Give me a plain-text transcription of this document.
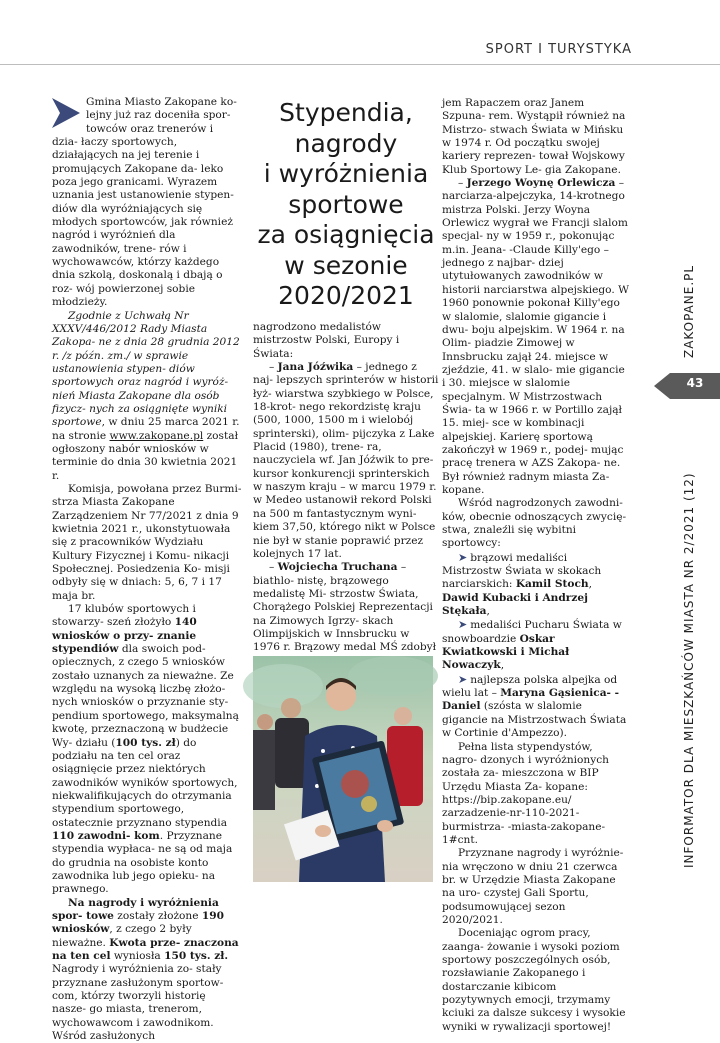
SPORT I TURYSTYKA

Gmina Miasto Zakopane ko- lejny już raz doceniła spor- towców oraz trenerów i dzia- łaczy sportowych, działających na jej terenie i promujących Zakopane da- leko poza jego granicami. Wyrazem uznania jest ustanowienie stypen- diów dla wyróżniających się młodych sportowców, jak również nagród i wyróżnień dla zawodników, trene- rów i wychowawców, którzy każdego dnia szkolą, doskonalą i dbają o roz- wój powierzonej sobie młodzieży.

Zgodnie z Uchwałą Nr XXXV/446/2012 Rady Miasta Zakopa- ne z dnia 28 grudnia 2012 r. /z późn. zm./ w sprawie ustanowienia stypen- diów sportowych oraz nagród i wyróż- nień Miasta Zakopane dla osób fizycz- nych za osiągnięte wyniki sportowe, w dniu 25 marca 2021 r. na stronie www.zakopane.pl został ogłoszony nabór wniosków w terminie do dnia 30 kwietnia 2021 r.

Komisja, powołana przez Burmi- strza Miasta Zakopane Zarządzeniem Nr 77/2021 z dnia 9 kwietnia 2021 r., ukonstytuowała się z pracowników Wydziału Kultury Fizycznej i Komu- nikacji Społecznej. Posiedzenia Ko- misji odbyły się w dniach: 5, 6, 7 i 17 maja br.

17 klubów sportowych i stowarzy- szeń złożyło 140 wniosków o przy- znanie stypendiów dla swoich pod- opiecznych, z czego 5 wniosków zostało uznanych za nieważne. Ze względu na wysoką liczbę złożo- nych wniosków o przyznanie sty- pendium sportowego, maksymalną kwotę, przeznaczoną w budżecie Wy- działu (100 tys. zł) do podziału na ten cel oraz osiągnięcie przez niektórych zawodników wyników sportowych, niekwalifikujących do otrzymania stypendium sportowego, ostatecznie przyznano stypendia 110 zawodni- kom. Przyznane stypendia wypłaca- ne są od maja do grudnia na osobiste konto zawodnika lub jego opieku- na prawnego.

Na nagrody i wyróżnienia spor- towe zostały złożone 190 wniosków, z czego 2 były nieważne. Kwota prze- znaczona na ten cel wyniosła 150 tys. zł. Nagrody i wyróżnienia zo- stały przyznane zasłużonym sportow- com, którzy tworzyli historię nasze- go miasta, trenerom, wychowawcom i zawodnikom. Wśród zasłużonych

Stypendia,
nagrody
i wyróżnienia
sportowe
za osiągnięcia
w sezonie
2020/2021

nagrodzono medalistów mistrzostw Polski, Europy i Świata:

– Jana Jóźwika – jednego z naj- lepszych sprinterów w historii łyż- wiarstwa szybkiego w Polsce, 18-krot- nego rekordzistę kraju (500, 1000, 1500 m i wielobój sprinterski), olim- pijczyka z Lake Placid (1980), trene- ra, nauczyciela wf. Jan Jóźwik to pre- kursor konkurencji sprinterskich w naszym kraju – w marcu 1979 r. w Medeo ustanowił rekord Polski na 500 m fantastycznym wyni- kiem 37,50, którego nikt w Polsce nie był w stanie poprawić przez kolejnych 17 lat.

– Wojciecha Truchana – biathlo- nistę, brązowego medalistę Mi- strzostw Świata, Chorążego Polskiej Reprezentacji na Zimowych Igrzy- skach Olimpijskich w Innsbrucku w 1976 r. Brązowy medal MŚ zdobył

jem Rapaczem oraz Janem Szpuna- rem. Wystąpił również na Mistrzo- stwach Świata w Mińsku w 1974 r. Od początku swojej kariery reprezen- tował Wojskowy Klub Sportowy Le- gia Zakopane.

– Jerzego Woynę Orlewicza – narciarza-alpejczyka, 14-krotnego mistrza Polski. Jerzy Woyna Orlewicz wygrał we Francji slalom specjal- ny w 1959 r., pokonując m.in. Jeana- -Claude Killy'ego – jednego z najbar- dziej utytułowanych zawodników w historii narciarstwa alpejskiego. W 1960 ponownie pokonał Killy'ego w slalomie, slalomie gigancie i dwu- boju alpejskim. W 1964 r. na Olim- piadzie Zimowej w Innsbrucku zajął 24. miejsce w zjeździe, 41. w slalo- mie gigancie i 30. miejsce w slalomie specjalnym. W Mistrzostwach Świa- ta w 1966 r. w Portillo zajął 15. miej- sce w kombinacji alpejskiej. Karierę sportową zakończył w 1969 r., podej- mując pracę trenera w AZS Zakopa- ne. Był również radnym miasta Za- kopane.

Wśród nagrodzonych zawodni- ków, obecnie odnoszących zwycię- stwa, znaleźli się wybitni sportowcy:

➤ brązowi medaliści Mistrzostw Świata w skokach narciarskich: Kamil Stoch, Dawid Kubacki i Andrzej Stękała,

➤ medaliści Pucharu Świata w snowboardzie Oskar Kwiatkowski i Michał Nowaczyk,

➤ najlepsza polska alpejka od wielu lat – Maryna Gąsienica- -Daniel (szósta w slalomie gigancie na Mistrzostwach Świata w Cortinie d'Ampezzo).

Pełna lista stypendystów, nagro- dzonych i wyróżnionych została za- mieszczona w BIP Urzędu Miasta Za- kopane: https://bip.zakopane.eu/ zarzadzenie-nr-110-2021-burmistrza- -miasta-zakopane-1#cnt.

Przyznane nagrody i wyróżnie- nia wręczono w dniu 21 czerwca br. w Urzędzie Miasta Zakopane na uro- czystej Gali Sportu, podsumowującej sezon 2020/2021.

Doceniając ogrom pracy, zaanga- żowanie i wysoki poziom sportowy poszczególnych osób, rozsławianie Zakopanego i dostarczanie kibicom pozytywnych emocji, trzymamy kciuki za dalsze sukcesy i wysokie wyniki w rywalizacji sportowej!

ZAKOPANE.PL
43
INFORMATOR DLA MIESZKAŃCÓW MIASTA NR 2/2021 (12)
